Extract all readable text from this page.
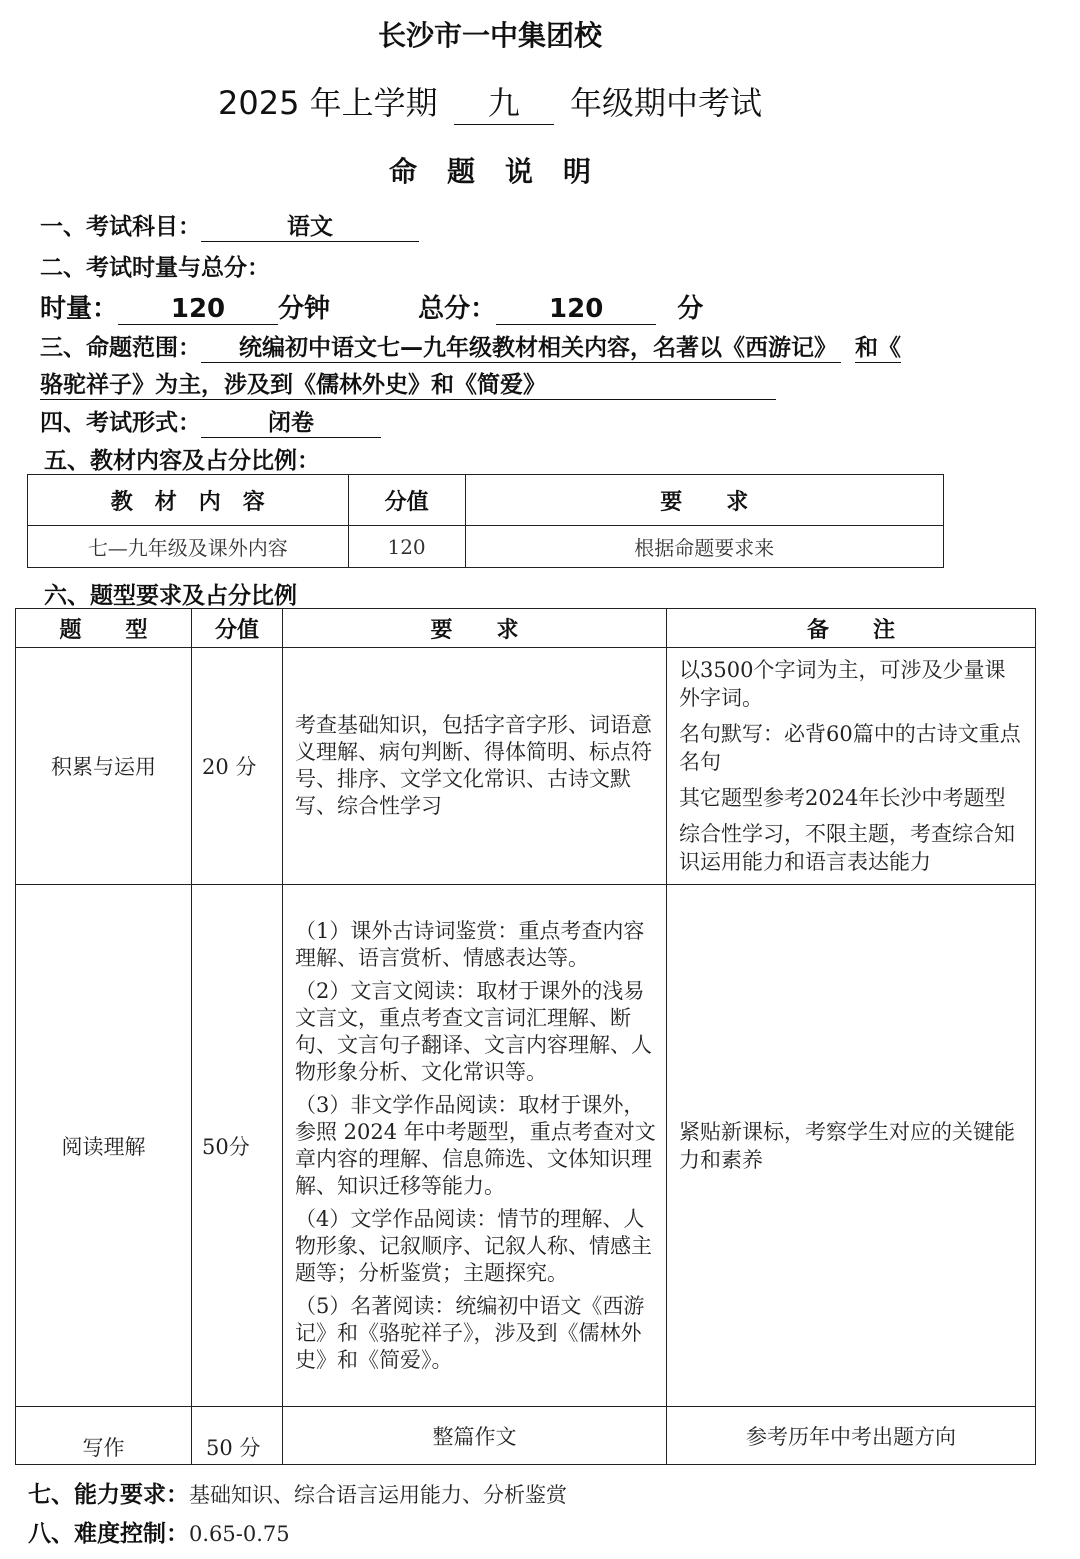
长沙市一中集团校
2025 年上学期 九 年级期中考试
命题说明
一、考试科目：	语文
二、考试时量与总分：
时量： 120 分钟	总分： 120	分
三、命题范围： 统编初中语文七—九年级教材相关内容，名著以《西游记》 和《
骆驼祥子》为主，涉及到《儒林外史》和《简爱》
四、考试形式：	闭卷
五、教材内容及占分比例：
教　材　内　容	分值	要　　求
七—九年级及课外内容	120	根据命题要求来
六、题型要求及占分比例
题　　型	分值	要　　求	备　　注
积累与运用	20 分	考查基础知识，包括字音字形、词语意义理解、病句判断、得体简明、标点符号、排序、文学文化常识、古诗文默写、综合性学习	以3500个字词为主，可涉及少量课外字词。

名句默写：必背60篇中的古诗文重点名句

其它题型参考2024年长沙中考题型

综合性学习，不限主题，考查综合知识运用能力和语言表达能力

阅读理解	50分	（1）课外古诗词鉴赏：重点考查内容理解、语言赏析、情感表达等。

（2）文言文阅读：取材于课外的浅易文言文，重点考查文言词汇理解、断句、文言句子翻译、文言内容理解、人物形象分析、文化常识等。

（3）非文学作品阅读：取材于课外，参照 2024 年中考题型，重点考查对文章内容的理解、信息筛选、文体知识理解、知识迁移等能力。

（4）文学作品阅读：情节的理解、人物形象、记叙顺序、记叙人称、情感主题等；分析鉴赏；主题探究。

（5）名著阅读：统编初中语文《西游记》和《骆驼祥子》，涉及到《儒林外史》和《简爱》。	紧贴新课标，考察学生对应的关键能力和素养
写作	50 分	整篇作文	参考历年中考出题方向
七、能力要求：基础知识、综合语言运用能力、分析鉴赏
八、难度控制：0.65-0.75
